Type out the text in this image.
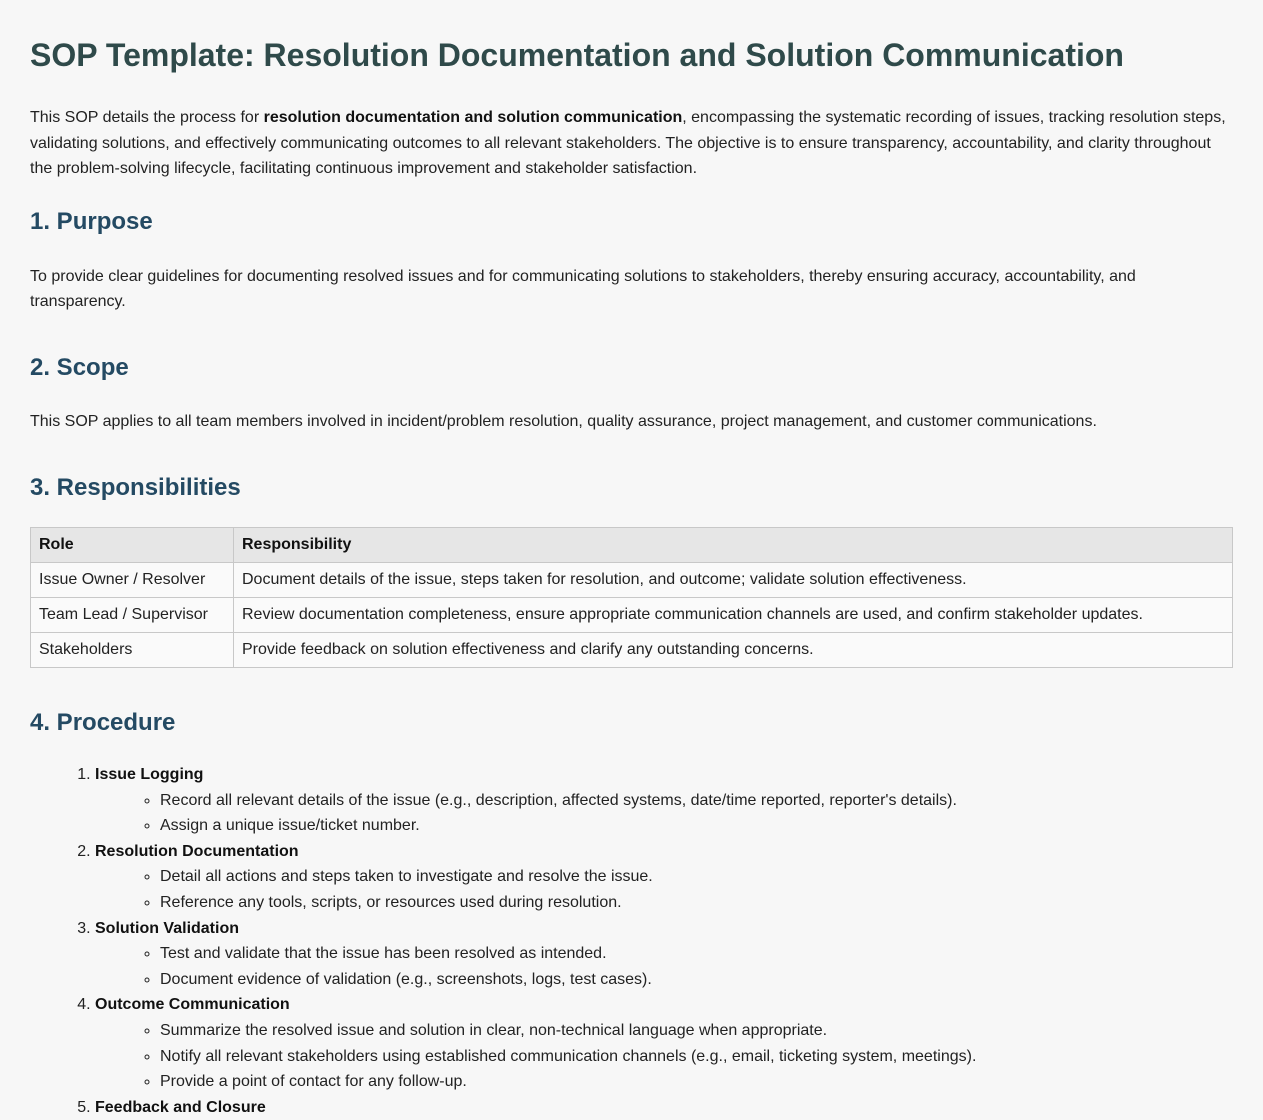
SOP Template: Resolution Documentation and Solution Communication

This SOP details the process for resolution documentation and solution communication, encompassing the systematic recording of issues, tracking resolution steps, validating solutions, and effectively communicating outcomes to all relevant stakeholders. The objective is to ensure transparency, accountability, and clarity throughout the problem-solving lifecycle, facilitating continuous improvement and stakeholder satisfaction.

1. Purpose

To provide clear guidelines for documenting resolved issues and for communicating solutions to stakeholders, thereby ensuring accuracy, accountability, and transparency.

2. Scope

This SOP applies to all team members involved in incident/problem resolution, quality assurance, project management, and customer communications.

3. Responsibilities
Role	Responsibility
Issue Owner / Resolver	Document details of the issue, steps taken for resolution, and outcome; validate solution effectiveness.
Team Lead / Supervisor	Review documentation completeness, ensure appropriate communication channels are used, and confirm stakeholder updates.
Stakeholders	Provide feedback on solution effectiveness and clarify any outstanding concerns.
4. Procedure
1. Issue Logging
◦ Record all relevant details of the issue (e.g., description, affected systems, date/time reported, reporter's details).
◦ Assign a unique issue/ticket number.
2. Resolution Documentation
◦ Detail all actions and steps taken to investigate and resolve the issue.
◦ Reference any tools, scripts, or resources used during resolution.
3. Solution Validation
◦ Test and validate that the issue has been resolved as intended.
◦ Document evidence of validation (e.g., screenshots, logs, test cases).
4. Outcome Communication
◦ Summarize the resolved issue and solution in clear, non-technical language when appropriate.
◦ Notify all relevant stakeholders using established communication channels (e.g., email, ticketing system, meetings).
◦ Provide a point of contact for any follow-up.
5. Feedback and Closure
